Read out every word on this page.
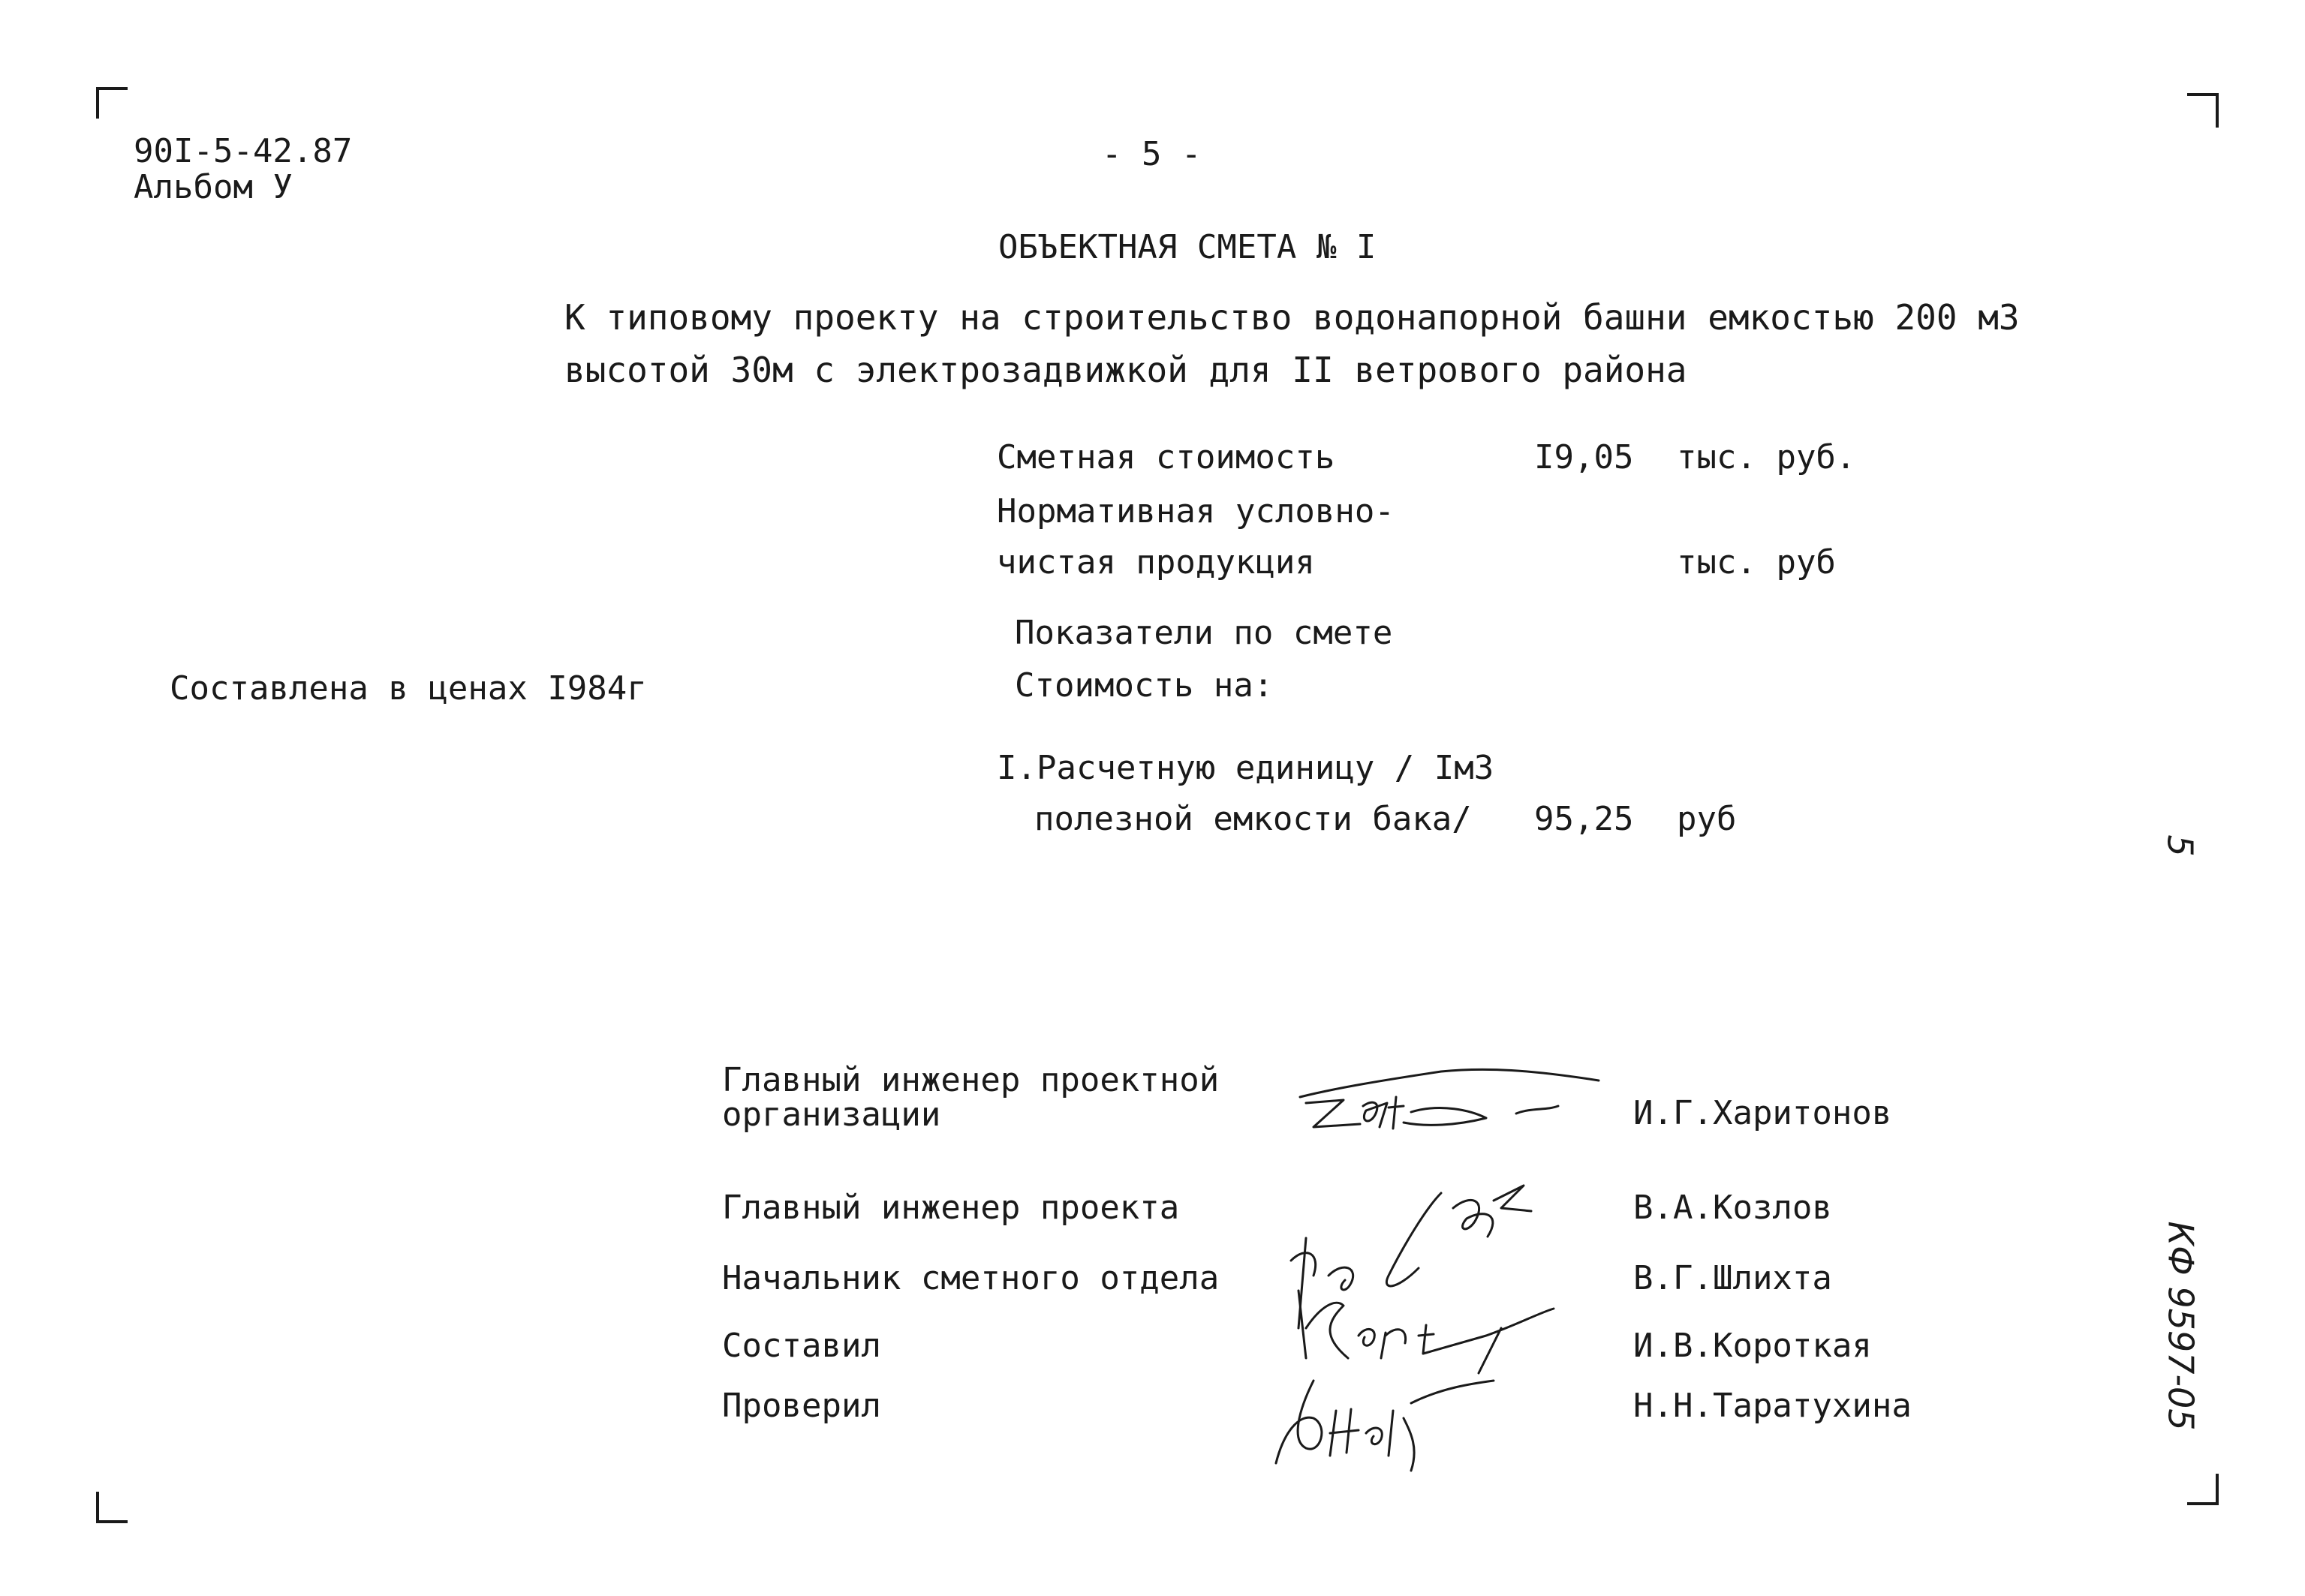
90I-5-42.87
Альбом У
- 5 -
ОБЪЕКТНАЯ СМЕТА № I
К типовому проекту на строительство водонапорной башни емкостью 200 м3
высотой 30м с электрозадвижкой для II ветрового района
Сметная стоимость	I9,05 тыс. руб.
Нормативная условно-
чистая продукция	тыс. руб
Составлена в ценах I984г
Показатели по смете
Стоимость на:
I.Расчетную единицу / Iм3
полезной емкости бака/ 95,25 руб
Главный инженер проектной
организации
Главный инженер проекта
Начальник сметного отдела
Составил
Проверил
И.Г.Харитонов
В.А.Козлов
В.Г.Шлихта
И.В.Короткая
Н.Н.Таратухина
5
КФ 9597-05
